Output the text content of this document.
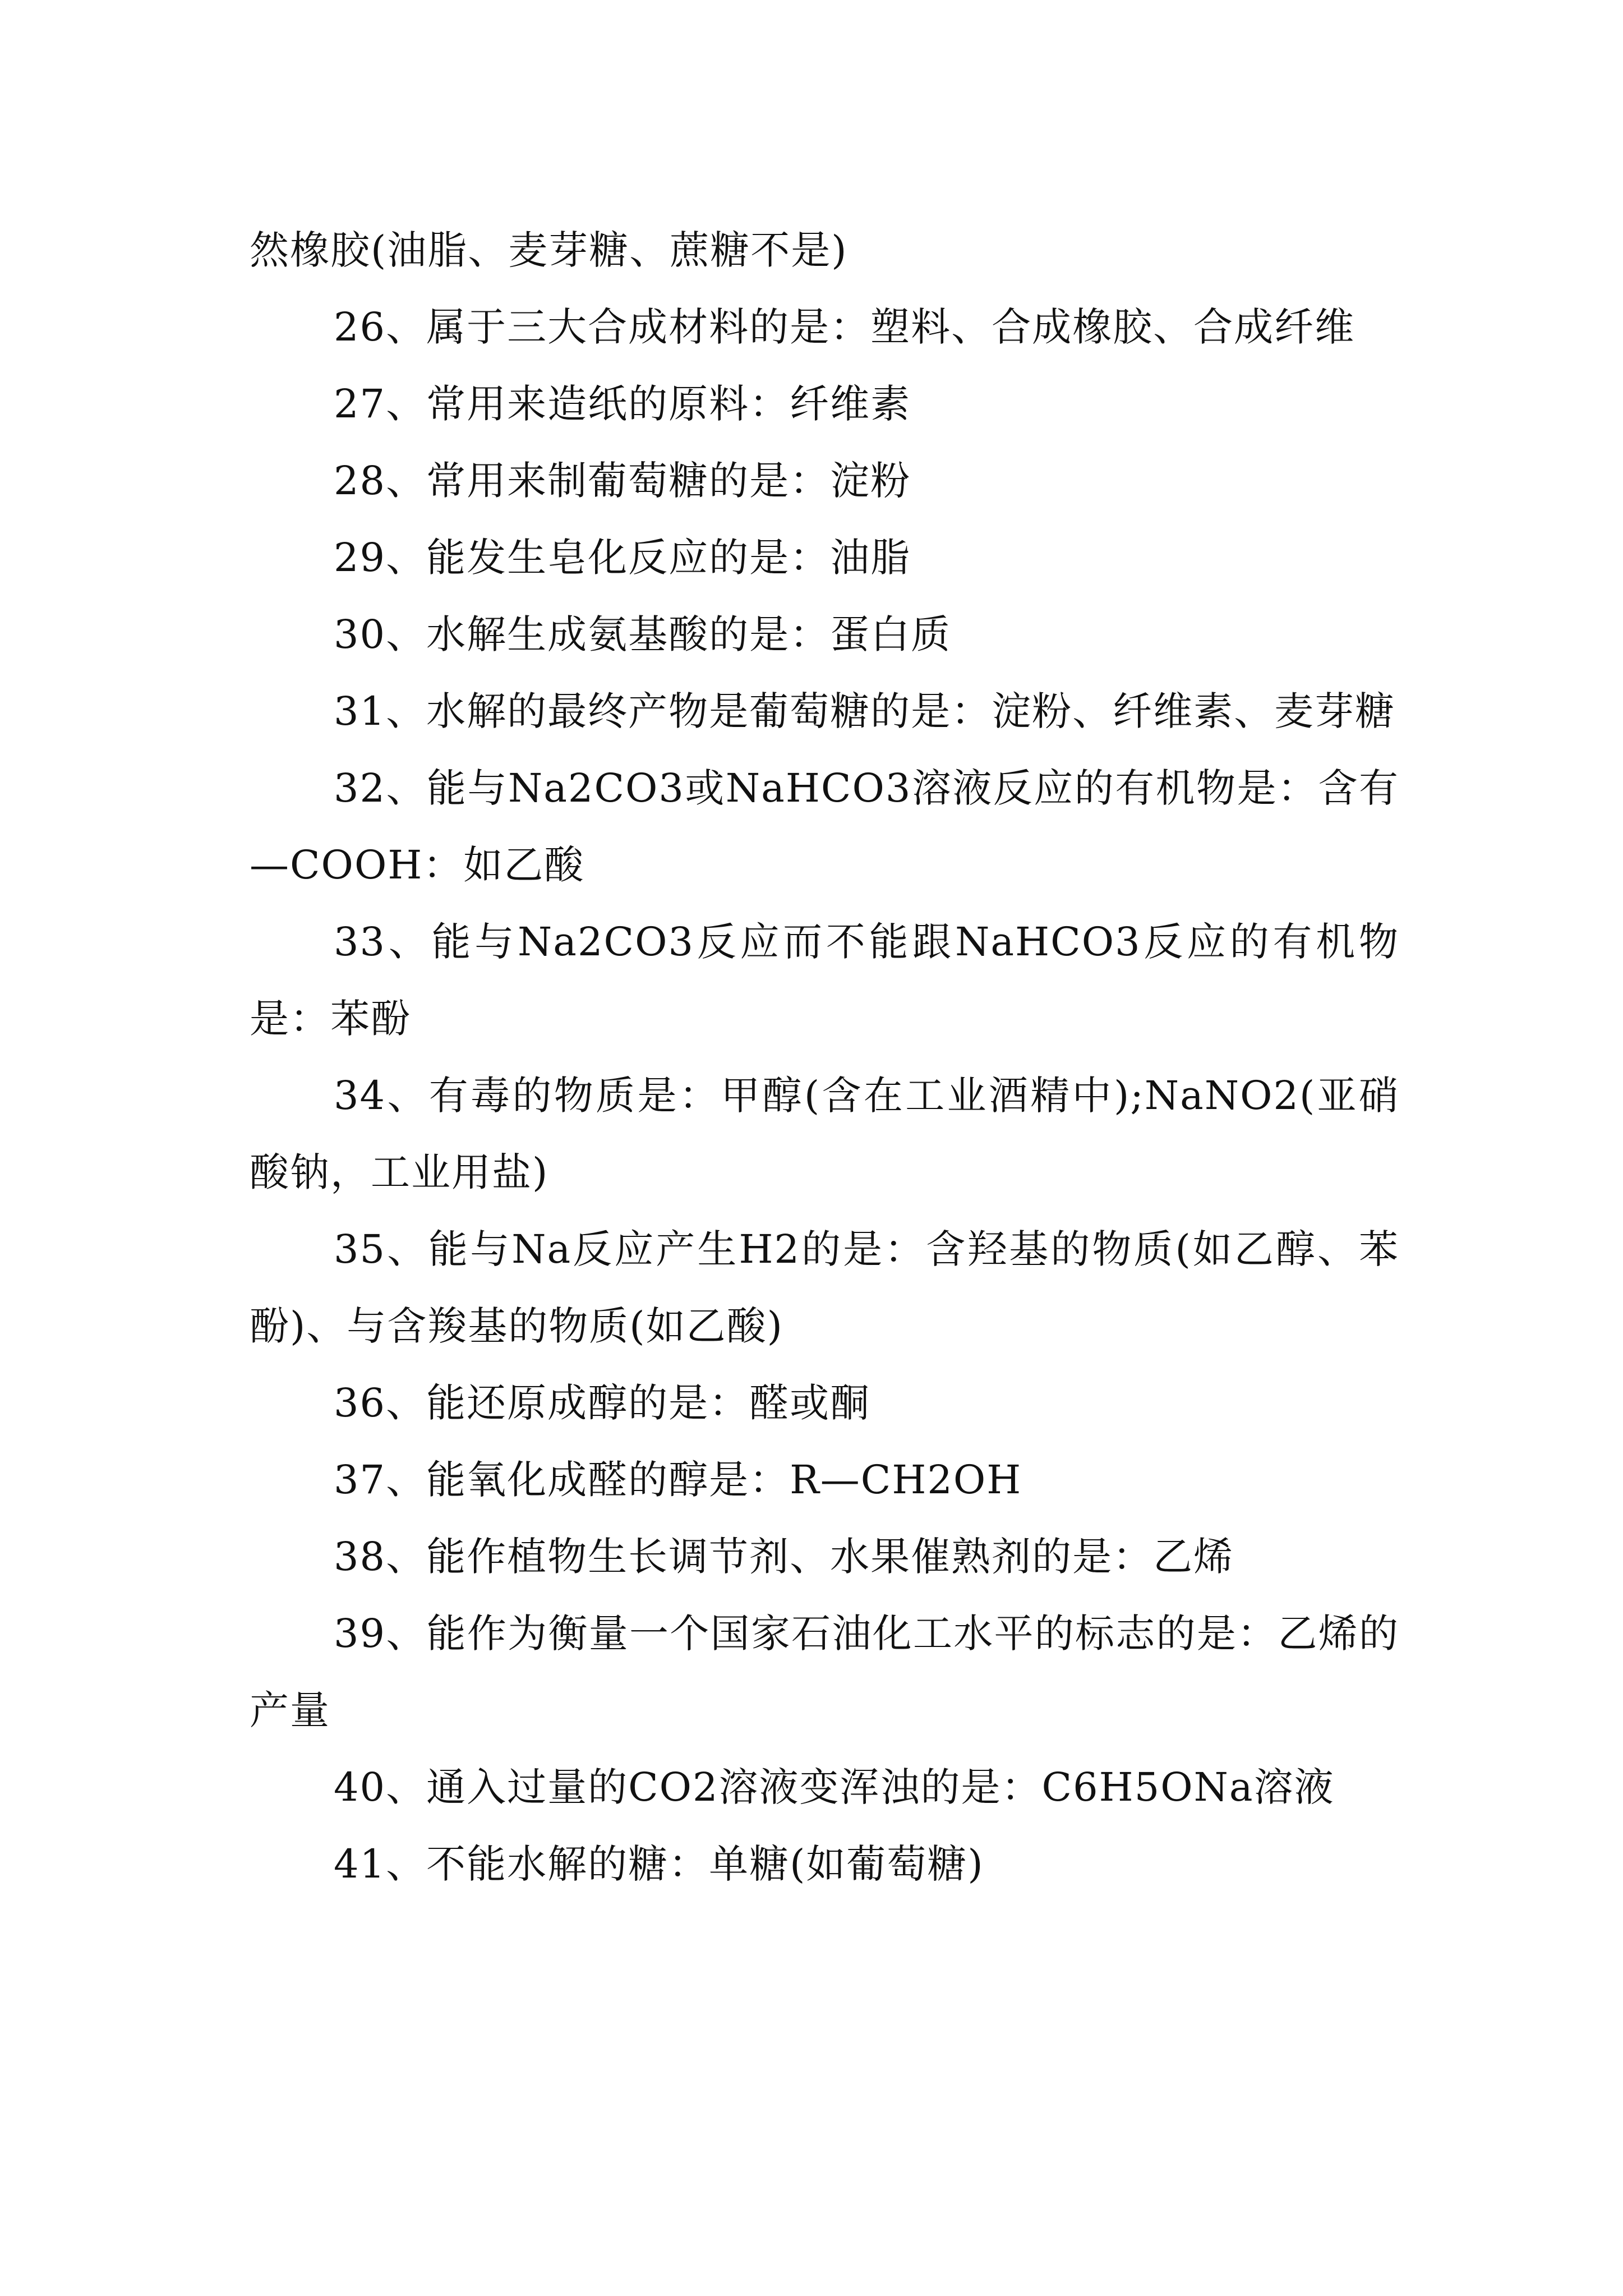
然橡胶(油脂、麦芽糖、蔗糖不是)

26、属于三大合成材料的是：塑料、合成橡胶、合成纤维

27、常用来造纸的原料：纤维素

28、常用来制葡萄糖的是：淀粉

29、能发生皂化反应的是：油脂

30、水解生成氨基酸的是：蛋白质

31、水解的最终产物是葡萄糖的是：淀粉、纤维素、麦芽糖

32、能与Na2CO3或NaHCO3溶液反应的有机物是：含有—COOH：如乙酸

33、能与Na2CO3反应而不能跟NaHCO3反应的有机物是：苯酚

34、有毒的物质是：甲醇(含在工业酒精中);NaNO2(亚硝酸钠，工业用盐)

35、能与Na反应产生H2的是：含羟基的物质(如乙醇、苯酚)、与含羧基的物质(如乙酸)

36、能还原成醇的是：醛或酮

37、能氧化成醛的醇是：R—CH2OH

38、能作植物生长调节剂、水果催熟剂的是：乙烯

39、能作为衡量一个国家石油化工水平的标志的是：乙烯的产量

40、通入过量的CO2溶液变浑浊的是：C6H5ONa溶液

41、不能水解的糖：单糖(如葡萄糖)
